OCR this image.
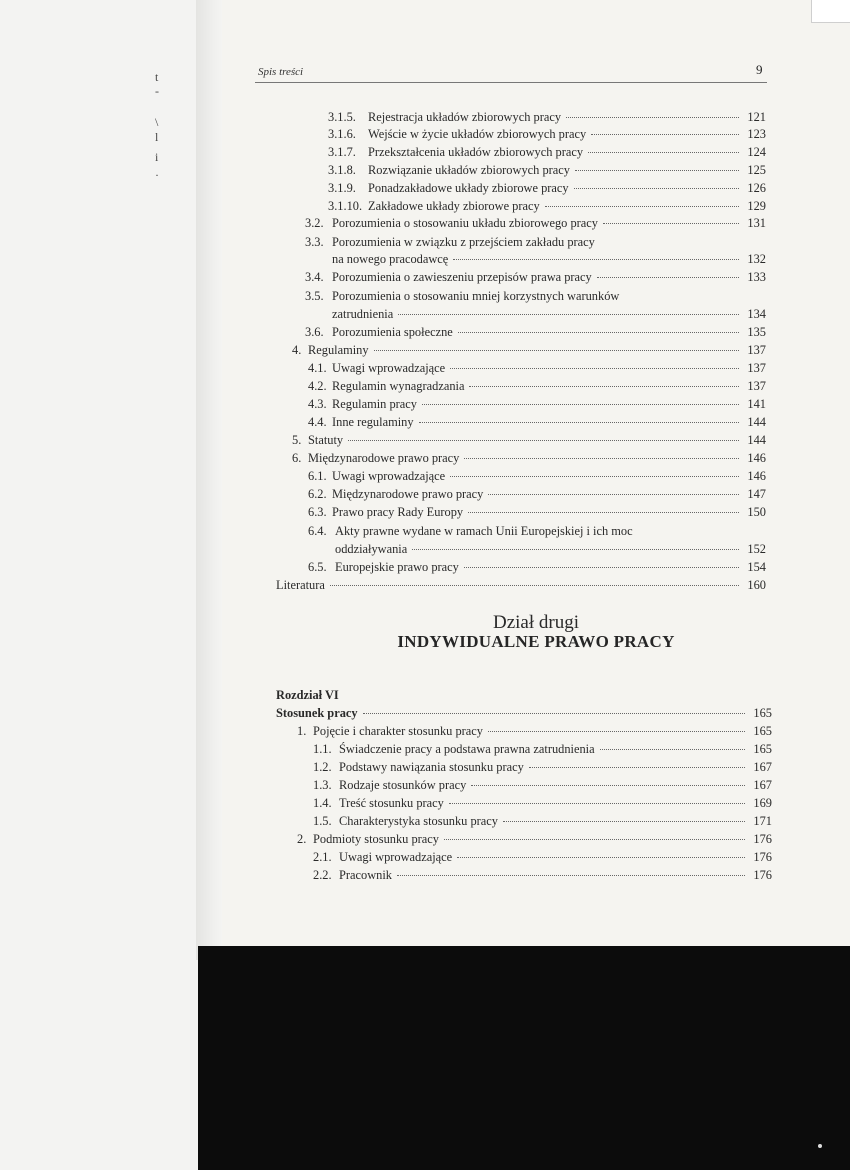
t
-
\
l
i
·
Spis treści	9
3.1.5. Rejestracja układów zbiorowych pracy	121
3.1.6. Wejście w życie układów zbiorowych pracy	123
3.1.7. Przekształcenia układów zbiorowych pracy	124
3.1.8. Rozwiązanie układów zbiorowych pracy	125
3.1.9. Ponadzakładowe układy zbiorowe pracy	126
3.1.10. Zakładowe układy zbiorowe pracy	129
3.2. Porozumienia o stosowaniu układu zbiorowego pracy	131
3.3. Porozumienia w związku z przejściem zakładu pracy
na nowego pracodawcę	132
3.4. Porozumienia o zawieszeniu przepisów prawa pracy	133
3.5. Porozumienia o stosowaniu mniej korzystnych warunków
zatrudnienia	134
3.6. Porozumienia społeczne	135
4. Regulaminy	137
4.1. Uwagi wprowadzające	137
4.2. Regulamin wynagradzania	137
4.3. Regulamin pracy	141
4.4. Inne regulaminy	144
5. Statuty	144
6. Międzynarodowe prawo pracy	146
6.1. Uwagi wprowadzające	146
6.2. Międzynarodowe prawo pracy	147
6.3. Prawo pracy Rady Europy	150
6.4. Akty prawne wydane w ramach Unii Europejskiej i ich moc
oddziaływania	152
6.5. Europejskie prawo pracy	154
Literatura	160
Dział drugi
INDYWIDUALNE PRAWO PRACY
Rozdział VI
Stosunek pracy	165
1. Pojęcie i charakter stosunku pracy	165
1.1. Świadczenie pracy a podstawa prawna zatrudnienia	165
1.2. Podstawy nawiązania stosunku pracy	167
1.3. Rodzaje stosunków pracy	167
1.4. Treść stosunku pracy	169
1.5. Charakterystyka stosunku pracy	171
2. Podmioty stosunku pracy	176
2.1. Uwagi wprowadzające	176
2.2. Pracownik	176
